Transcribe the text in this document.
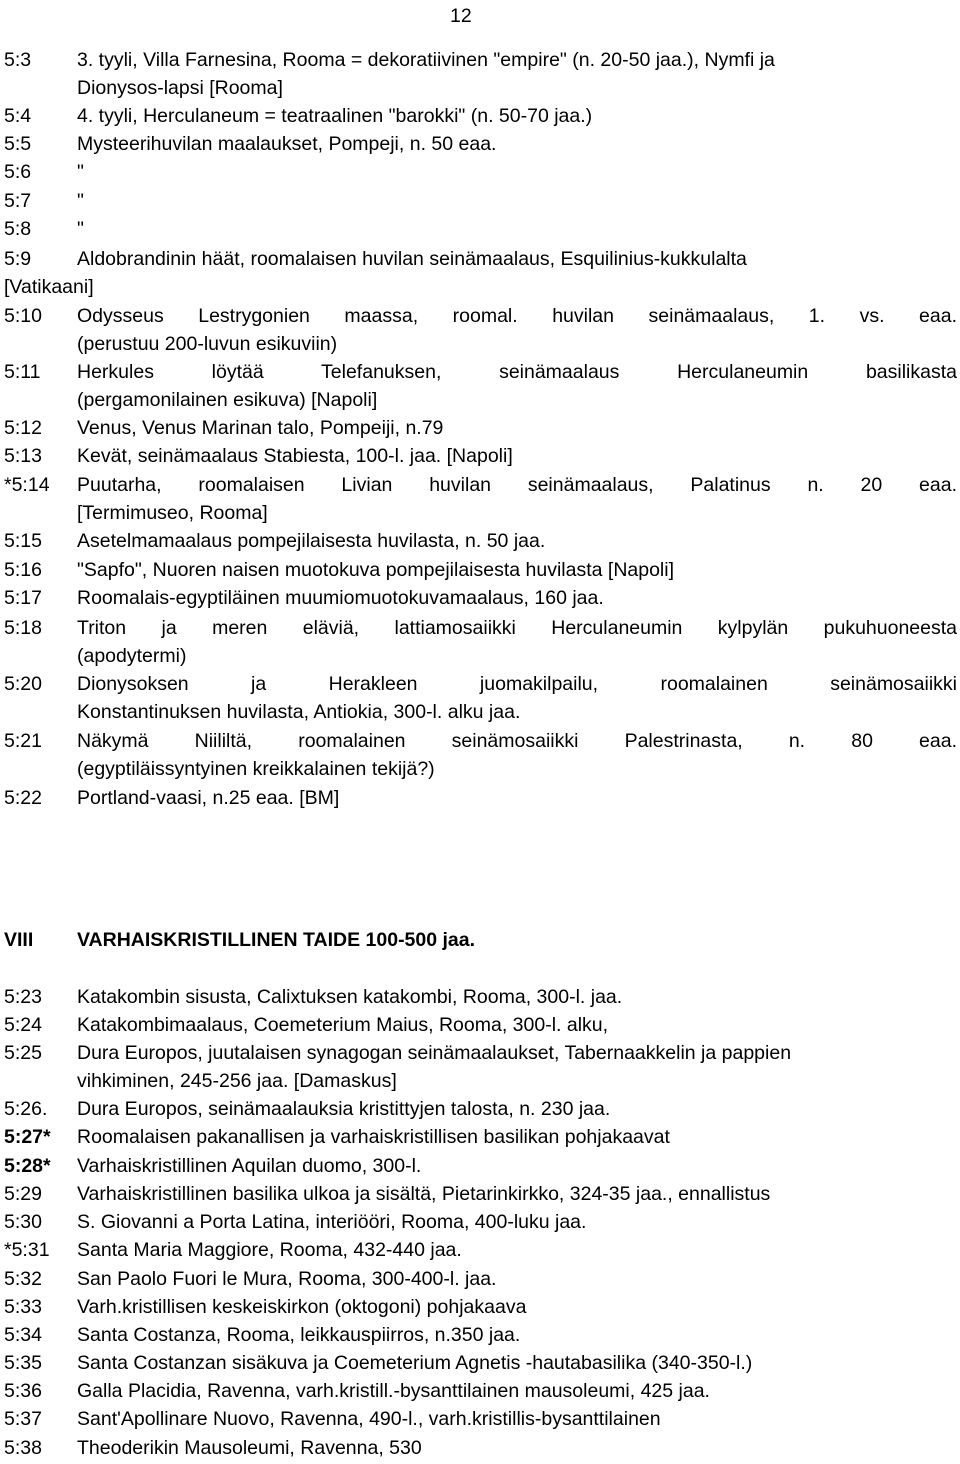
12
5:3 3. tyyli, Villa Farnesina, Rooma = dekoratiivinen "empire" (n. 20-50 jaa.), Nymfi ja
Dionysos-lapsi [Rooma]
5:4 4. tyyli, Herculaneum = teatraalinen "barokki" (n. 50-70 jaa.)
5:5 Mysteerihuvilan maalaukset, Pompeji, n. 50 eaa.
5:6 "
5:7 "
5:8 "
5:9 Aldobrandinin häät, roomalaisen huvilan seinämaalaus, Esquilinius-kukkulalta
[Vatikaani]
5:10 Odysseus Lestrygonien maassa, roomal. huvilan seinämaalaus, 1. vs. eaa.
(perustuu 200-luvun esikuviin)
5:11 Herkules löytää Telefanuksen, seinämaalaus Herculaneumin basilikasta
(pergamonilainen esikuva) [Napoli]
5:12 Venus, Venus Marinan talo, Pompeiji, n.79
5:13 Kevät, seinämaalaus Stabiesta, 100-l. jaa. [Napoli]
*5:14 Puutarha, roomalaisen Livian huvilan seinämaalaus, Palatinus n. 20 eaa.
[Termimuseo, Rooma]
5:15 Asetelmamaalaus pompejilaisesta huvilasta, n. 50 jaa.
5:16 "Sapfo", Nuoren naisen muotokuva pompejilaisesta huvilasta [Napoli]
5:17 Roomalais-egyptiläinen muumiomuotokuvamaalaus, 160 jaa.
5:18 Triton ja meren eläviä, lattiamosaiikki Herculaneumin kylpylän pukuhuoneesta
(apodytermi)
5:20 Dionysoksen ja Herakleen juomakilpailu, roomalainen seinämosaiikki
Konstantinuksen huvilasta, Antiokia, 300-l. alku jaa.
5:21 Näkymä Niililtä, roomalainen seinämosaiikki Palestrinasta, n. 80 eaa.
(egyptiläissyntyinen kreikkalainen tekijä?)
5:22 Portland-vaasi, n.25 eaa. [BM]
VIII VARHAISKRISTILLINEN TAIDE 100-500 jaa.
5:23 Katakombin sisusta, Calixtuksen katakombi, Rooma, 300-l. jaa.
5:24 Katakombimaalaus, Coemeterium Maius, Rooma, 300-l. alku,
5:25 Dura Europos, juutalaisen synagogan seinämaalaukset, Tabernaakkelin ja pappien
vihkiminen, 245-256 jaa. [Damaskus]
5:26. Dura Europos, seinämaalauksia kristittyjen talosta, n. 230 jaa.
5:27* Roomalaisen pakanallisen ja varhaiskristillisen basilikan pohjakaavat
5:28* Varhaiskristillinen Aquilan duomo, 300-l.
5:29 Varhaiskristillinen basilika ulkoa ja sisältä, Pietarinkirkko, 324-35 jaa., ennallistus
5:30 S. Giovanni a Porta Latina, interiööri, Rooma, 400-luku jaa.
*5:31 Santa Maria Maggiore, Rooma, 432-440 jaa.
5:32 San Paolo Fuori le Mura, Rooma, 300-400-l. jaa.
5:33 Varh.kristillisen keskeiskirkon (oktogoni) pohjakaava
5:34 Santa Costanza, Rooma, leikkauspiirros, n.350 jaa.
5:35 Santa Costanzan sisäkuva ja Coemeterium Agnetis -hautabasilika (340-350-l.)
5:36 Galla Placidia, Ravenna, varh.kristill.-bysanttilainen mausoleumi, 425 jaa.
5:37 Sant'Apollinare Nuovo, Ravenna, 490-l., varh.kristillis-bysanttilainen
5:38 Theoderikin Mausoleumi, Ravenna, 530
